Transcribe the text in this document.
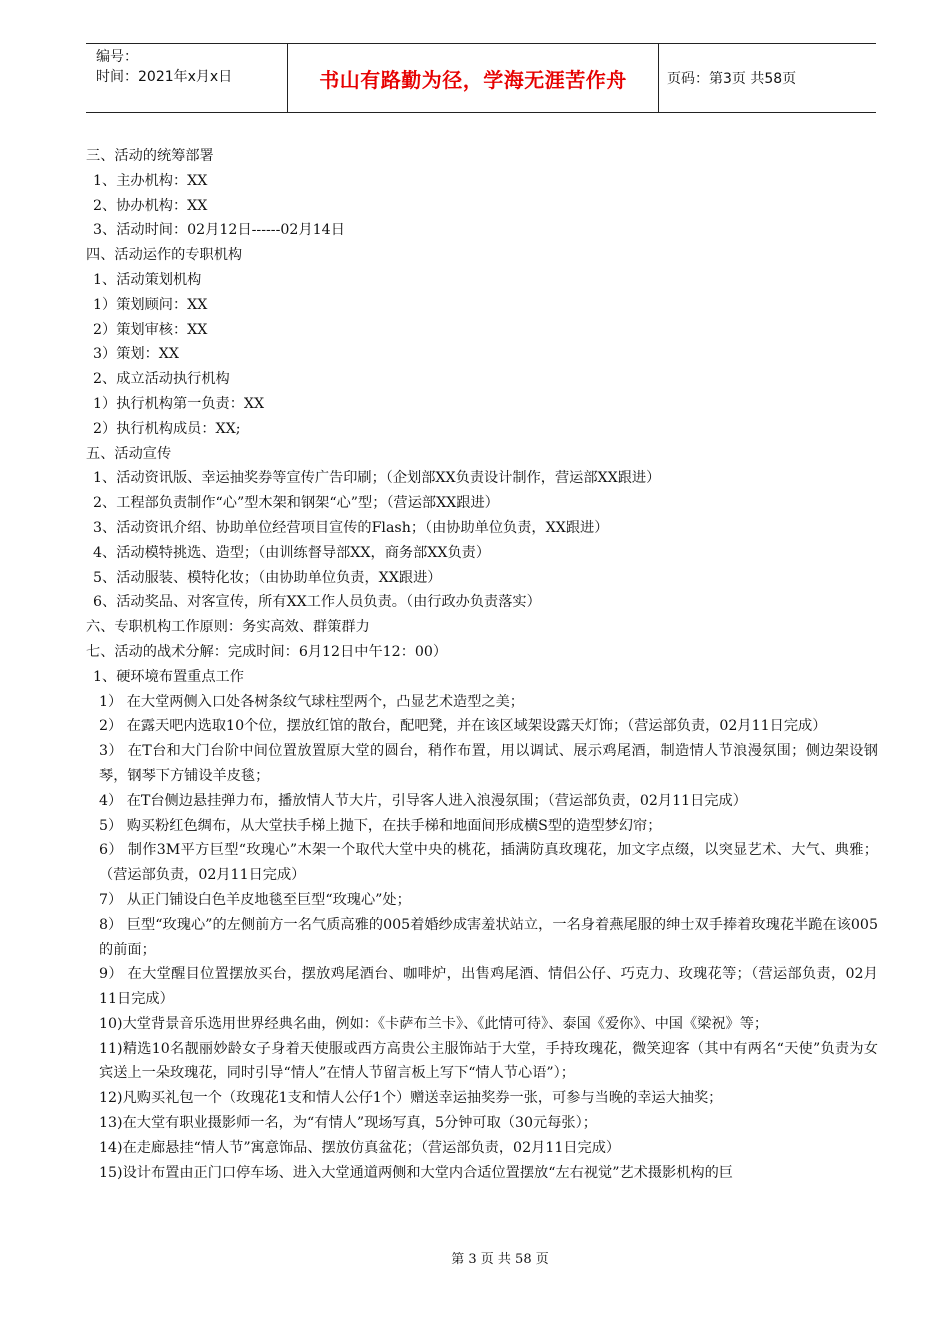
编号：
时间：2021年x月x日	书山有路勤为径，学海无涯苦作舟	页码：第3页 共58页

三、活动的统筹部署

1、主办机构：XX

2、协办机构：XX

3、活动时间：02月12日------02月14日

四、活动运作的专职机构

1、活动策划机构

1）策划顾问：XX

2）策划审核：XX

3）策划：XX

2、成立活动执行机构

1）执行机构第一负责：XX

2）执行机构成员：XX;

五、活动宣传

1、活动资讯版、幸运抽奖券等宣传广告印刷；（企划部XX负责设计制作，营运部XX跟进）

2、工程部负责制作“心”型木架和钢架“心”型；（营运部XX跟进）

3、活动资讯介绍、协助单位经营项目宣传的Flash；（由协助单位负责，XX跟进）

4、活动模特挑选、造型；（由训练督导部XX，商务部XX负责）

5、活动服装、模特化妆；（由协助单位负责，XX跟进）

6、活动奖品、对客宣传，所有XX工作人员负责。（由行政办负责落实）

六、专职机构工作原则：务实高效、群策群力

七、活动的战术分解：完成时间：6月12日中午12：00）

1、硬环境布置重点工作

1） 在大堂两侧入口处各树条纹气球柱型两个，凸显艺术造型之美；

2） 在露天吧内选取10个位，摆放红馆的散台，配吧凳，并在该区域架设露天灯饰；（营运部负责，02月11日完成）

3） 在T台和大门台阶中间位置放置原大堂的圆台，稍作布置，用以调试、展示鸡尾酒，制造情人节浪漫氛围；侧边架设钢琴，钢琴下方铺设羊皮毯；

4） 在T台侧边悬挂弹力布，播放情人节大片，引导客人进入浪漫氛围；（营运部负责，02月11日完成）

5） 购买粉红色绸布，从大堂扶手梯上抛下，在扶手梯和地面间形成横S型的造型梦幻帘；

6） 制作3M平方巨型“玫瑰心”木架一个取代大堂中央的桃花，插满防真玫瑰花，加文字点缀，以突显艺术、大气、典雅；（营运部负责，02月11日完成）

7） 从正门铺设白色羊皮地毯至巨型“玫瑰心”处；

8） 巨型“玫瑰心”的左侧前方一名气质高雅的005着婚纱成害羞状站立，一名身着燕尾服的绅士双手捧着玫瑰花半跪在该005的前面；

9） 在大堂醒目位置摆放买台，摆放鸡尾酒台、咖啡炉，出售鸡尾酒、情侣公仔、巧克力、玫瑰花等；（营运部负责，02月11日完成）

10)大堂背景音乐选用世界经典名曲，例如：《卡萨布兰卡》、《此情可待》、泰国《爱你》、中国《梁祝》等；

11)精选10名靓丽妙龄女子身着天使服或西方高贵公主服饰站于大堂，手持玫瑰花，微笑迎客（其中有两名“天使”负责为女宾送上一朵玫瑰花，同时引导“情人”在情人节留言板上写下“情人节心语”）；

12)凡购买礼包一个（玫瑰花1支和情人公仔1个）赠送幸运抽奖券一张，可参与当晚的幸运大抽奖；

13)在大堂有职业摄影师一名，为“有情人”现场写真，5分钟可取（30元每张）；

14)在走廊悬挂“情人节”寓意饰品、摆放仿真盆花；（营运部负责，02月11日完成）

15)设计布置由正门口停车场、进入大堂通道两侧和大堂内合适位置摆放“左右视觉”艺术摄影机构的巨

第 3 页 共 58 页
